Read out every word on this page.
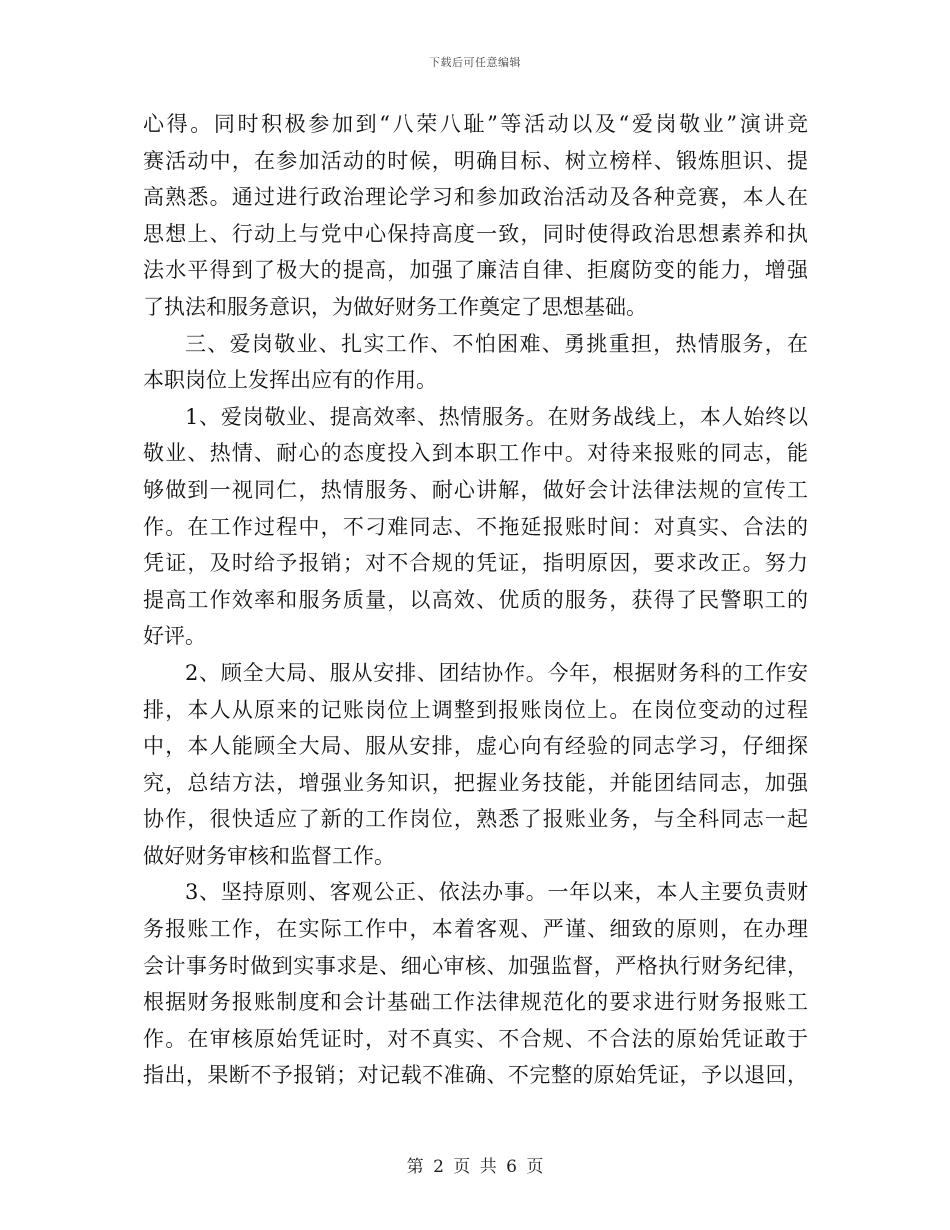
下载后可任意编辑
心得。同时积极参加到“八荣八耻”等活动以及“爱岗敬业”演讲竞
赛活动中，在参加活动的时候，明确目标、树立榜样、锻炼胆识、提
高熟悉。通过进行政治理论学习和参加政治活动及各种竞赛，本人在
思想上、行动上与党中心保持高度一致，同时使得政治思想素养和执
法水平得到了极大的提高，加强了廉洁自律、拒腐防变的能力，增强
了执法和服务意识，为做好财务工作奠定了思想基础。
三、爱岗敬业、扎实工作、不怕困难、勇挑重担，热情服务，在
本职岗位上发挥出应有的作用。
1、爱岗敬业、提高效率、热情服务。在财务战线上，本人始终以
敬业、热情、耐心的态度投入到本职工作中。对待来报账的同志，能
够做到一视同仁，热情服务、耐心讲解，做好会计法律法规的宣传工
作。在工作过程中，不刁难同志、不拖延报账时间：对真实、合法的
凭证，及时给予报销；对不合规的凭证，指明原因，要求改正。努力
提高工作效率和服务质量，以高效、优质的服务，获得了民警职工的
好评。
2、顾全大局、服从安排、团结协作。今年，根据财务科的工作安
排，本人从原来的记账岗位上调整到报账岗位上。在岗位变动的过程
中，本人能顾全大局、服从安排，虚心向有经验的同志学习，仔细探
究，总结方法，增强业务知识，把握业务技能，并能团结同志，加强
协作，很快适应了新的工作岗位，熟悉了报账业务，与全科同志一起
做好财务审核和监督工作。
3、坚持原则、客观公正、依法办事。一年以来，本人主要负责财
务报账工作，在实际工作中，本着客观、严谨、细致的原则，在办理
会计事务时做到实事求是、细心审核、加强监督，严格执行财务纪律，
根据财务报账制度和会计基础工作法律规范化的要求进行财务报账工
作。在审核原始凭证时，对不真实、不合规、不合法的原始凭证敢于
指出，果断不予报销；对记载不准确、不完整的原始凭证，予以退回，
第 2 页 共 6 页
